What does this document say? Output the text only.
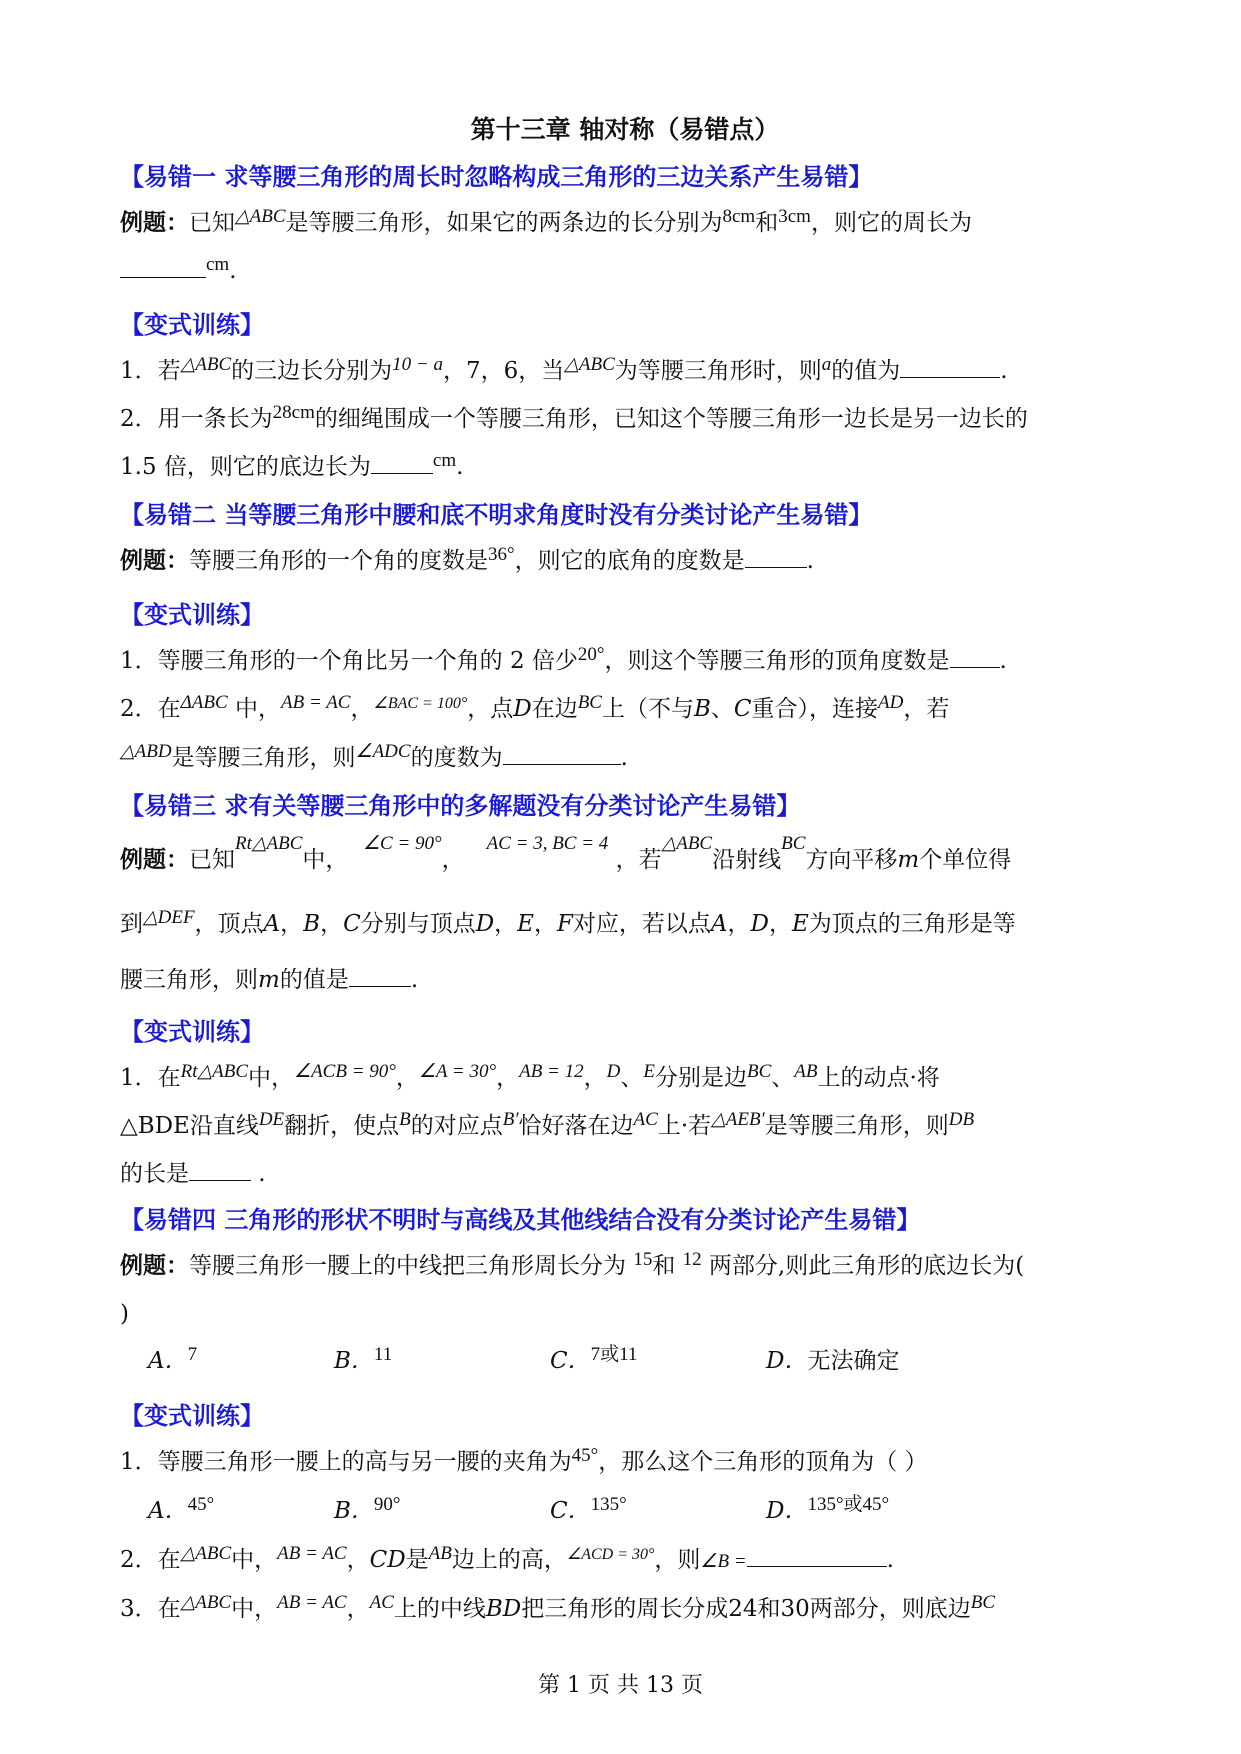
第十三章 轴对称（易错点）
【易错一 求等腰三角形的周长时忽略构成三角形的三边关系产生易错】
例题：已知$^{\triangle ABC}$是等腰三角形，如果它的两条边的长分别为$^{8cm}$和$^{3cm}$，则它的周长为
$^{cm}$.
【变式训练】
1．若$^{\triangle ABC}$的三边长分别为$^{10 - a}$，7，6，当$^{\triangle ABC}$为等腰三角形时，则$^a$的值为	.
2．用一条长为$^{28cm}$的细绳围成一个等腰三角形，已知这个等腰三角形一边长是另一边长的
1.5 倍，则它的底边长为	$^{cm}$.
【易错二 当等腰三角形中腰和底不明求角度时没有分类讨论产生易错】
例题：等腰三角形的一个角的度数是$^{36^\circ}$，则它的底角的度数是	.
【变式训练】
1．等腰三角形的一个角比另一个角的 2 倍少$^{20^\circ}$，则这个等腰三角形的顶角度数是 .
2．在$^{\Delta ABC}$ 中，$^{AB = AC}$，$^{\angle BAC = 100^\circ}$，点D在边$^{BC}$上（不与B、C重合），连接$^{AD}$，若
$^{\triangle ABD}$是等腰三角形，则$^{\angle ADC}$的度数为	.
【易错三 求有关等腰三角形中的多解题没有分类讨论产生易错】
例题：已知$^{Rt\triangle ABC}$中，  $^{\angle C = 90^\circ}$，   $^{AC = 3, BC = 4}$ ，若$^{\triangle ABC}$沿射线$^{BC}$方向平移m个单位得
到$^{\triangle DEF}$，顶点A，B，C分别与顶点D，E，F对应，若以点A，D，E为顶点的三角形是等
腰三角形，则m的值是	.
【变式训练】
1．在$^{Rt\triangle ABC}$中，$^{\angle ACB = 90^\circ}$，$^{\angle A = 30^\circ}$，$^{AB = 12}$，$^D$、$^E$分别是边$^{BC}$、$^{AB}$上的动点·将
△BDE沿直线$^{DE}$翻折，使点$^B$的对应点$^{B'}$恰好落在边$^{AC}$上·若$^{\triangle AEB'}$是等腰三角形，则$^{DB}$
的长是	.
【易错四 三角形的形状不明时与高线及其他线结合没有分类讨论产生易错】
例题：等腰三角形一腰上的中线把三角形周长分为 $^{15}$和 $^{12}$ 两部分,则此三角形的底边长为(
)
A．$^7$	B．$^{11}$	C．$^{7或11}$	D．无法确定
【变式训练】
1．等腰三角形一腰上的高与另一腰的夹角为$^{45^\circ}$，那么这个三角形的顶角为（ ）
A．$^{45^\circ}$	B．$^{90^\circ}$	C．$^{135^\circ}$	D．$^{135^\circ 或45^\circ}$
2．在$^{\triangle ABC}$中，$^{AB = AC}$，CD是$^{AB}$边上的高，$^{\angle ACD = 30^\circ}$，则∠B =	.
3．在$^{\triangle ABC}$中，$^{AB = AC}$，$^{AC}$上的中线BD把三角形的周长分成24和30两部分，则底边$^{BC}$
第 1 页 共 13 页
